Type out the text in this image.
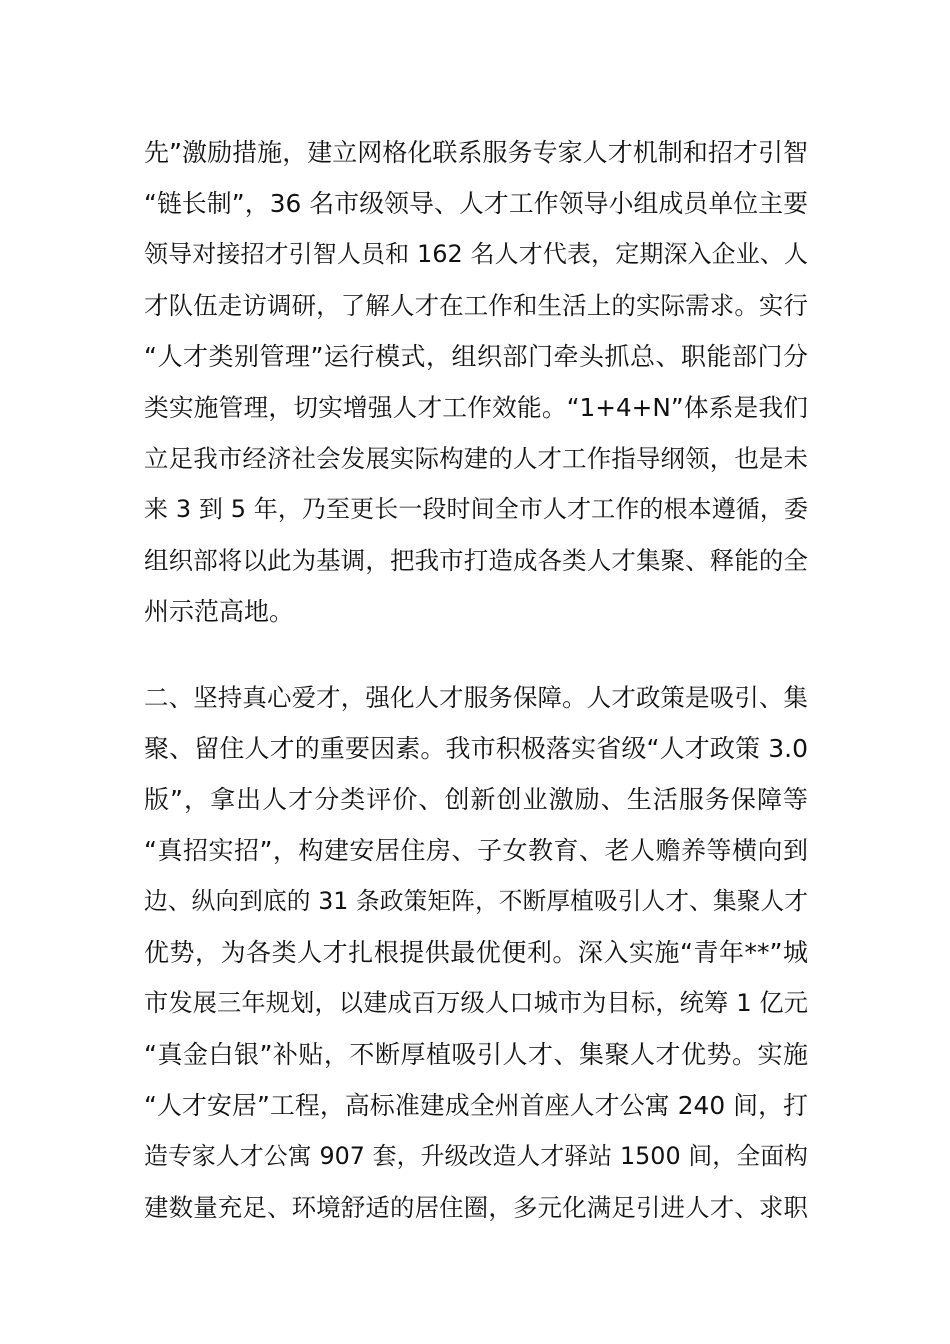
先”激励措施，建立网格化联系服务专家人才机制和招才引智
“链长制”，36 名市级领导、人才工作领导小组成员单位主要
领导对接招才引智人员和 162 名人才代表，定期深入企业、人
才队伍走访调研，了解人才在工作和生活上的实际需求。实行
“人才类别管理”运行模式，组织部门牵头抓总、职能部门分
类实施管理，切实增强人才工作效能。“1+4+N”体系是我们
立足我市经济社会发展实际构建的人才工作指导纲领，也是未
来 3 到 5 年，乃至更长一段时间全市人才工作的根本遵循，委
组织部将以此为基调，把我市打造成各类人才集聚、释能的全
州示范高地。
二、坚持真心爱才，强化人才服务保障。人才政策是吸引、集
聚、留住人才的重要因素。我市积极落实省级“人才政策 3.0
版”，拿出人才分类评价、创新创业激励、生活服务保障等
“真招实招”，构建安居住房、子女教育、老人赡养等横向到
边、纵向到底的 31 条政策矩阵，不断厚植吸引人才、集聚人才
优势，为各类人才扎根提供最优便利。深入实施“青年**”城
市发展三年规划，以建成百万级人口城市为目标，统筹 1 亿元
“真金白银”补贴，不断厚植吸引人才、集聚人才优势。实施
“人才安居”工程，高标准建成全州首座人才公寓 240 间，打
造专家人才公寓 907 套，升级改造人才驿站 1500 间，全面构
建数量充足、环境舒适的居住圈，多元化满足引进人才、求职
